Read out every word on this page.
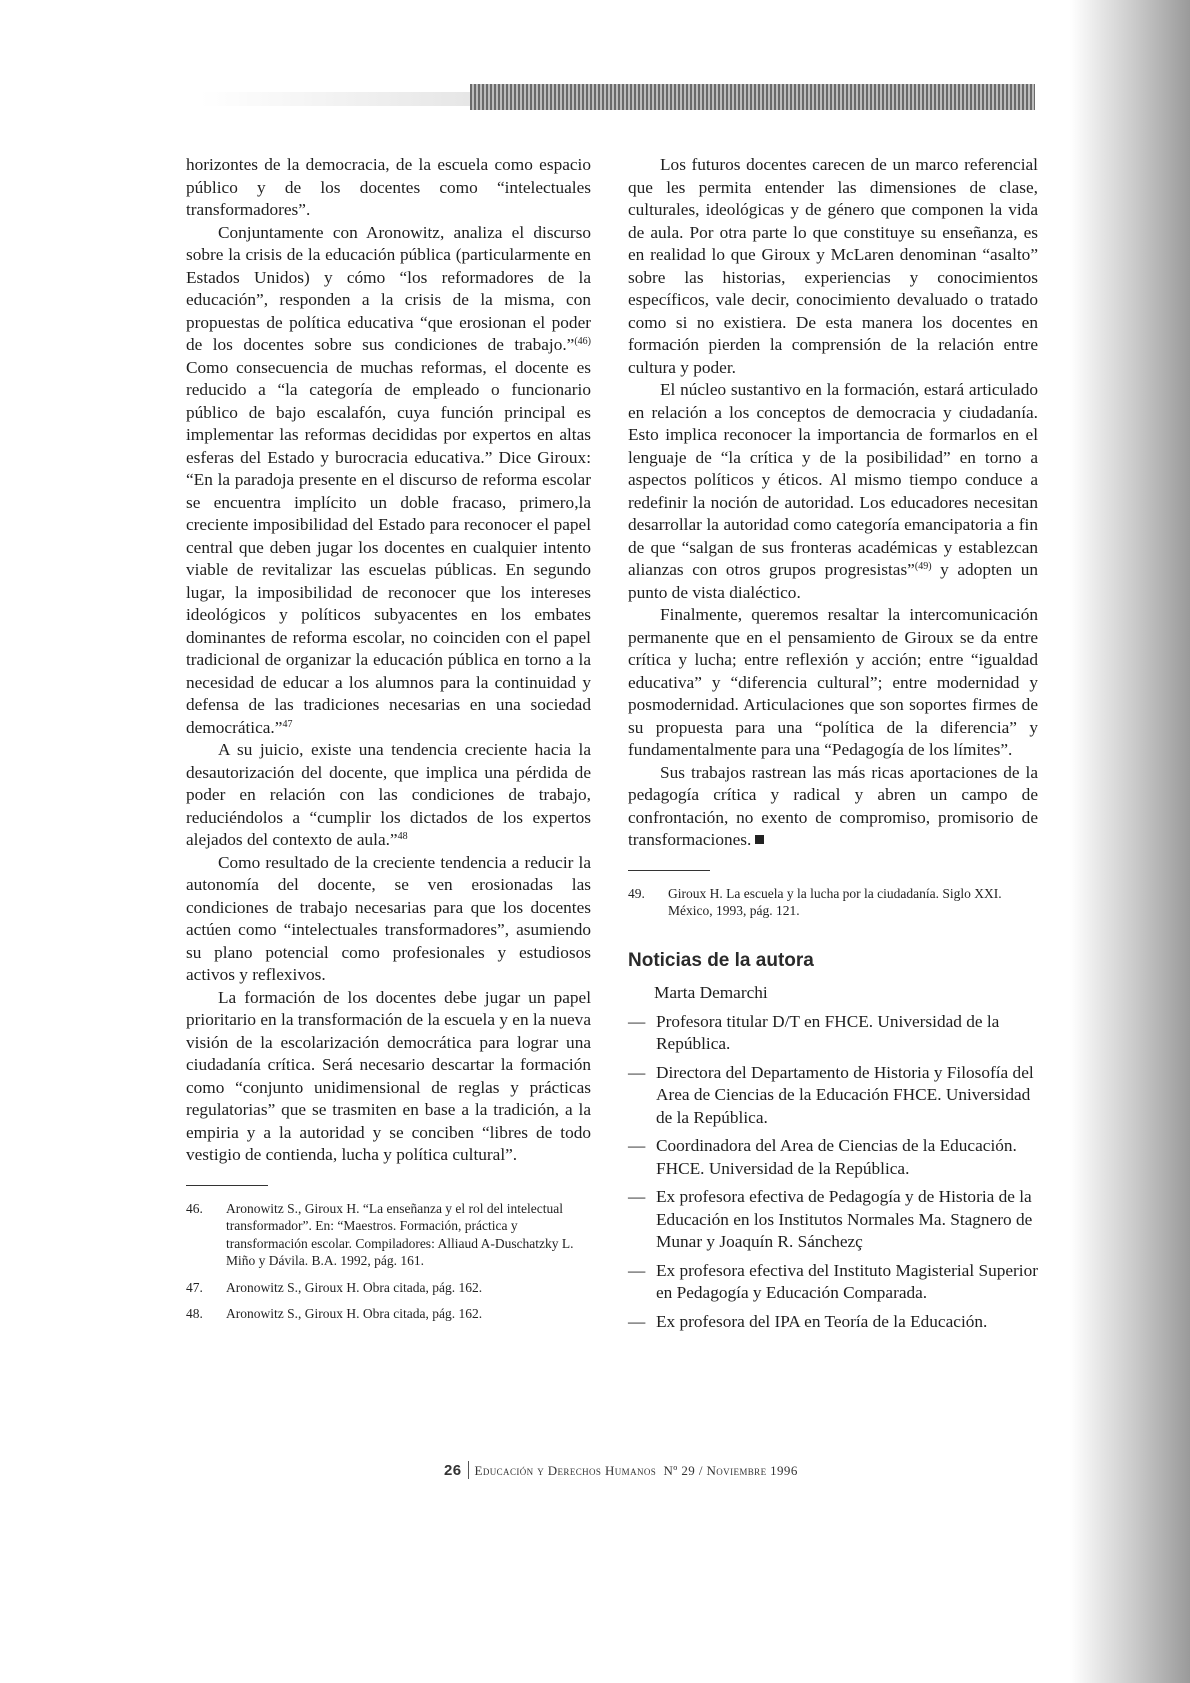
horizontes de la democracia, de la escuela como espacio público y de los docentes como “intelectuales transformadores”.

Conjuntamente con Aronowitz, analiza el discurso sobre la crisis de la educación pública (particularmente en Estados Unidos) y cómo “los reformadores de la educación”, responden a la crisis de la misma, con propuestas de política educativa “que erosionan el poder de los docentes sobre sus condiciones de trabajo.”$^{(46)}$ Como consecuencia de muchas reformas, el docente es reducido a “la categoría de empleado o funcionario público de bajo escalafón, cuya función principal es implementar las reformas decididas por expertos en altas esferas del Estado y burocracia educativa.” Dice Giroux: “En la paradoja presente en el discurso de reforma escolar se encuentra implícito un doble fracaso, primero,la creciente imposibilidad del Estado para reconocer el papel central que deben jugar los docentes en cualquier intento viable de revitalizar las escuelas públicas. En segundo lugar, la imposibilidad de reconocer que los intereses ideológicos y políticos subyacentes en los embates dominantes de reforma escolar, no coinciden con el papel tradicional de organizar la educación pública en torno a la necesidad de educar a los alumnos para la continuidad y defensa de las tradiciones necesarias en una sociedad democrática.”$^{47}$

A su juicio, existe una tendencia creciente hacia la desautorización del docente, que implica una pérdida de poder en relación con las condiciones de trabajo, reduciéndolos a “cumplir los dictados de los expertos alejados del contexto de aula.”$^{48}$

Como resultado de la creciente tendencia a reducir la autonomía del docente, se ven erosionadas las condiciones de trabajo necesarias para que los docentes actúen como “intelectuales transformadores”, asumiendo su plano potencial como profesionales y estudiosos activos y reflexivos.

La formación de los docentes debe jugar un papel prioritario en la transformación de la escuela y en la nueva visión de la escolarización democrática para lograr una ciudadanía crítica. Será necesario descartar la formación como “conjunto unidimensional de reglas y prácticas regulatorias” que se trasmiten en base a la tradición, a la empiria y a la autoridad y se conciben “libres de todo vestigio de contienda, lucha y política cultural”.

46.	Aronowitz S., Giroux H. “La enseñanza y el rol del intelectual transformador”. En: “Maestros. Formación, práctica y transformación escolar. Compiladores: Alliaud A-Duschatzky L. Miño y Dávila. B.A. 1992, pág. 161.
47.	Aronowitz S., Giroux H. Obra citada, pág. 162.
48.	Aronowitz S., Giroux H. Obra citada, pág. 162.

Los futuros docentes carecen de un marco referencial que les permita entender las dimensiones de clase, culturales, ideológicas y de género que componen la vida de aula. Por otra parte lo que constituye su enseñanza, es en realidad lo que Giroux y McLaren denominan “asalto” sobre las historias, experiencias y conocimientos específicos, vale decir, conocimiento devaluado o tratado como si no existiera. De esta manera los docentes en formación pierden la comprensión de la relación entre cultura y poder.

El núcleo sustantivo en la formación, estará articulado en relación a los conceptos de democracia y ciudadanía. Esto implica reconocer la importancia de formarlos en el lenguaje de “la crítica y de la posibilidad” en torno a aspectos políticos y éticos. Al mismo tiempo conduce a redefinir la noción de autoridad. Los educadores necesitan desarrollar la autoridad como categoría emancipatoria a fin de que “salgan de sus fronteras académicas y establezcan alianzas con otros grupos progresistas”$^{(49)}$ y adopten un punto de vista dialéctico.

Finalmente, queremos resaltar la intercomunicación permanente que en el pensamiento de Giroux se da entre crítica y lucha; entre reflexión y acción; entre “igualdad educativa” y “diferencia cultural”; entre modernidad y posmodernidad. Articulaciones que son soportes firmes de su propuesta para una “política de la diferencia” y fundamentalmente para una “Pedagogía de los límites”.

Sus trabajos rastrean las más ricas aportaciones de la pedagogía crítica y radical y abren un campo de confrontación, no exento de compromiso, promisorio de transformaciones.

49.	Giroux H. La escuela y la lucha por la ciudadanía. Siglo XXI. México, 1993, pág. 121.
Noticias de la autora
Marta Demarchi
— Profesora titular D/T en FHCE. Universidad de la República.
— Directora del Departamento de Historia y Filosofía del Area de Ciencias de la Educación FHCE. Universidad de la República.
— Coordinadora del Area de Ciencias de la Educación. FHCE. Universidad de la República.
— Ex profesora efectiva de Pedagogía y de Historia de la Educación en los Institutos Normales Ma. Stagnero de Munar y Joaquín R. Sánchezç
— Ex profesora efectiva del Instituto Magisterial Superior en Pedagogía y Educación Comparada.
— Ex profesora del IPA en Teoría de la Educación.
26 Educación y Derechos Humanos Nº 29 / Noviembre 1996
